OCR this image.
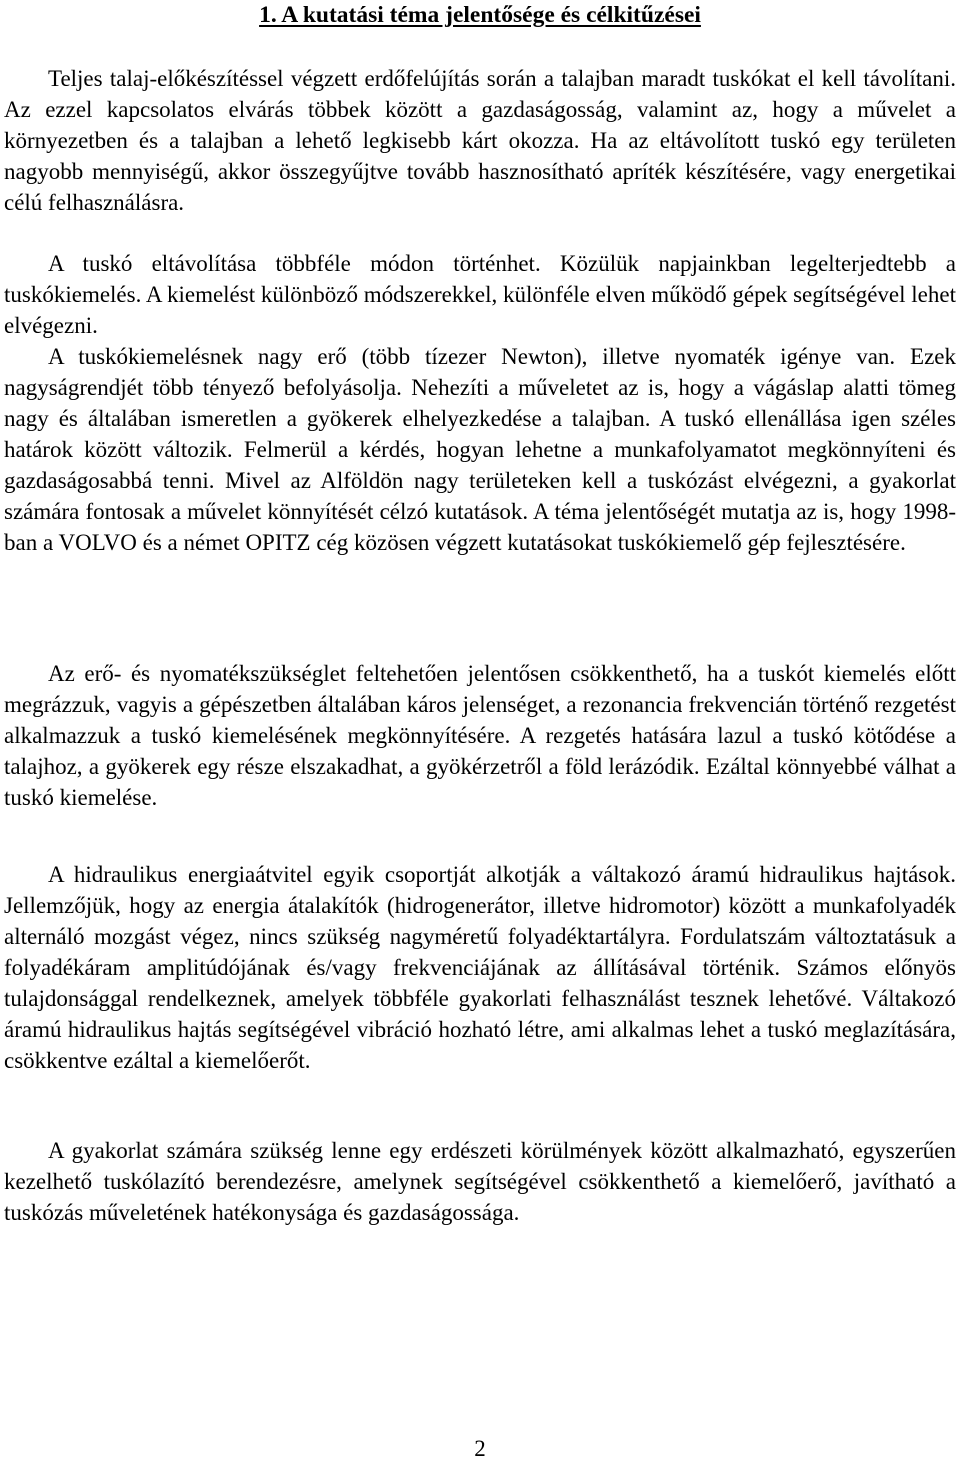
1. A kutatási téma jelentősége és célkitűzései

Teljes talaj-előkészítéssel végzett erdőfelújítás során a talajban maradt tuskókat el kell távolítani. Az ezzel kapcsolatos elvárás többek között a gazdaságosság, valamint az, hogy a művelet a környezetben és a talajban a lehető legkisebb kárt okozza. Ha az eltávolított tuskó egy területen nagyobb mennyiségű, akkor összegyűjtve tovább hasznosítható apríték készítésére, vagy energetikai célú felhasználásra.

A tuskó eltávolítása többféle módon történhet. Közülük napjainkban legelterjedtebb a tuskókiemelés. A kiemelést különböző módszerekkel, különféle elven működő gépek segítségével lehet elvégezni.

A tuskókiemelésnek nagy erő (több tízezer Newton), illetve nyomaték igénye van. Ezek nagyságrendjét több tényező befolyásolja. Nehezíti a műveletet az is, hogy a vágáslap alatti tömeg nagy és általában ismeretlen a gyökerek elhelyezkedése a talajban. A tuskó ellenállása igen széles határok között változik. Felmerül a kérdés, hogyan lehetne a munkafolyamatot megkönnyíteni és gazdaságosabbá tenni. Mivel az Alföldön nagy területeken kell a tuskózást elvégezni, a gyakorlat számára fontosak a művelet könnyítését célzó kutatások. A téma jelentőségét mutatja az is, hogy 1998-ban a VOLVO és a német OPITZ cég közösen végzett kutatásokat tuskókiemelő gép fejlesztésére.

Az erő- és nyomatékszükséglet feltehetően jelentősen csökkenthető, ha a tuskót kiemelés előtt megrázzuk, vagyis a gépészetben általában káros jelenséget, a rezonancia frekvencián történő rezgetést alkalmazzuk a tuskó kiemelésének megkönnyítésére. A rezgetés hatására lazul a tuskó kötődése a talajhoz, a gyökerek egy része elszakadhat, a gyökérzetről a föld lerázódik. Ezáltal könnyebbé válhat a tuskó kiemelése.

A hidraulikus energiaátvitel egyik csoportját alkotják a váltakozó áramú hidraulikus hajtások. Jellemzőjük, hogy az energia átalakítók (hidrogenerátor, illetve hidromotor) között a munkafolyadék alternáló mozgást végez, nincs szükség nagyméretű folyadéktartályra. Fordulatszám változtatásuk a folyadékáram amplitúdójának és/vagy frekvenciájának az állításával történik. Számos előnyös tulajdonsággal rendelkeznek, amelyek többféle gyakorlati felhasználást tesznek lehetővé. Váltakozó áramú hidraulikus hajtás segítségével vibráció hozható létre, ami alkalmas lehet a tuskó meglazítására, csökkentve ezáltal a kiemelőerőt.

A gyakorlat számára szükség lenne egy erdészeti körülmények között alkalmazható, egyszerűen kezelhető tuskólazító berendezésre, amelynek segítségével csökkenthető a kiemelőerő, javítható a tuskózás műveletének hatékonysága és gazdaságossága.

2
